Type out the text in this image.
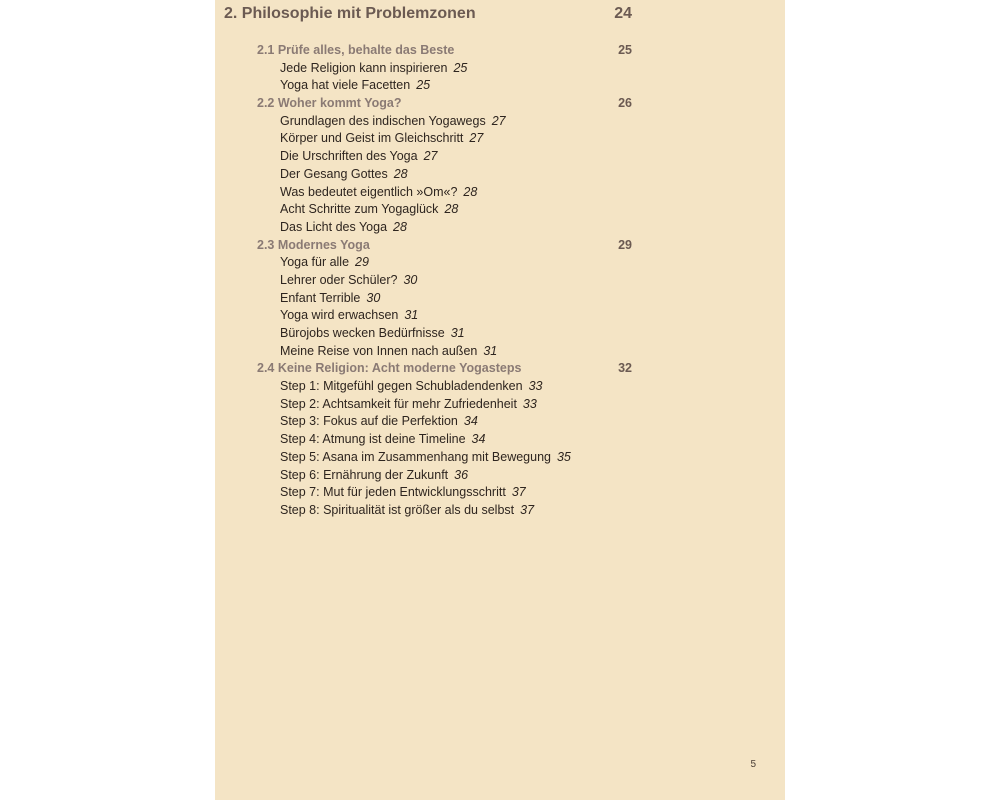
2. Philosophie mit Problemzonen	24
2.1 Prüfe alles, behalte das Beste	25
Jede Religion kann inspirieren 25
Yoga hat viele Facetten 25
2.2 Woher kommt Yoga?	26
Grundlagen des indischen Yogawegs 27
Körper und Geist im Gleichschritt 27
Die Urschriften des Yoga 27
Der Gesang Gottes 28
Was bedeutet eigentlich »Om«? 28
Acht Schritte zum Yogaglück 28
Das Licht des Yoga 28
2.3 Modernes Yoga	29
Yoga für alle 29
Lehrer oder Schüler? 30
Enfant Terrible 30
Yoga wird erwachsen 31
Bürojobs wecken Bedürfnisse 31
Meine Reise von Innen nach außen 31
2.4 Keine Religion: Acht moderne Yogasteps	32
Step 1: Mitgefühl gegen Schubladendenken 33
Step 2: Achtsamkeit für mehr Zufriedenheit 33
Step 3: Fokus auf die Perfektion 34
Step 4: Atmung ist deine Timeline 34
Step 5: Asana im Zusammenhang mit Bewegung 35
Step 6: Ernährung der Zukunft 36
Step 7: Mut für jeden Entwicklungsschritt 37
Step 8: Spiritualität ist größer als du selbst 37
5
